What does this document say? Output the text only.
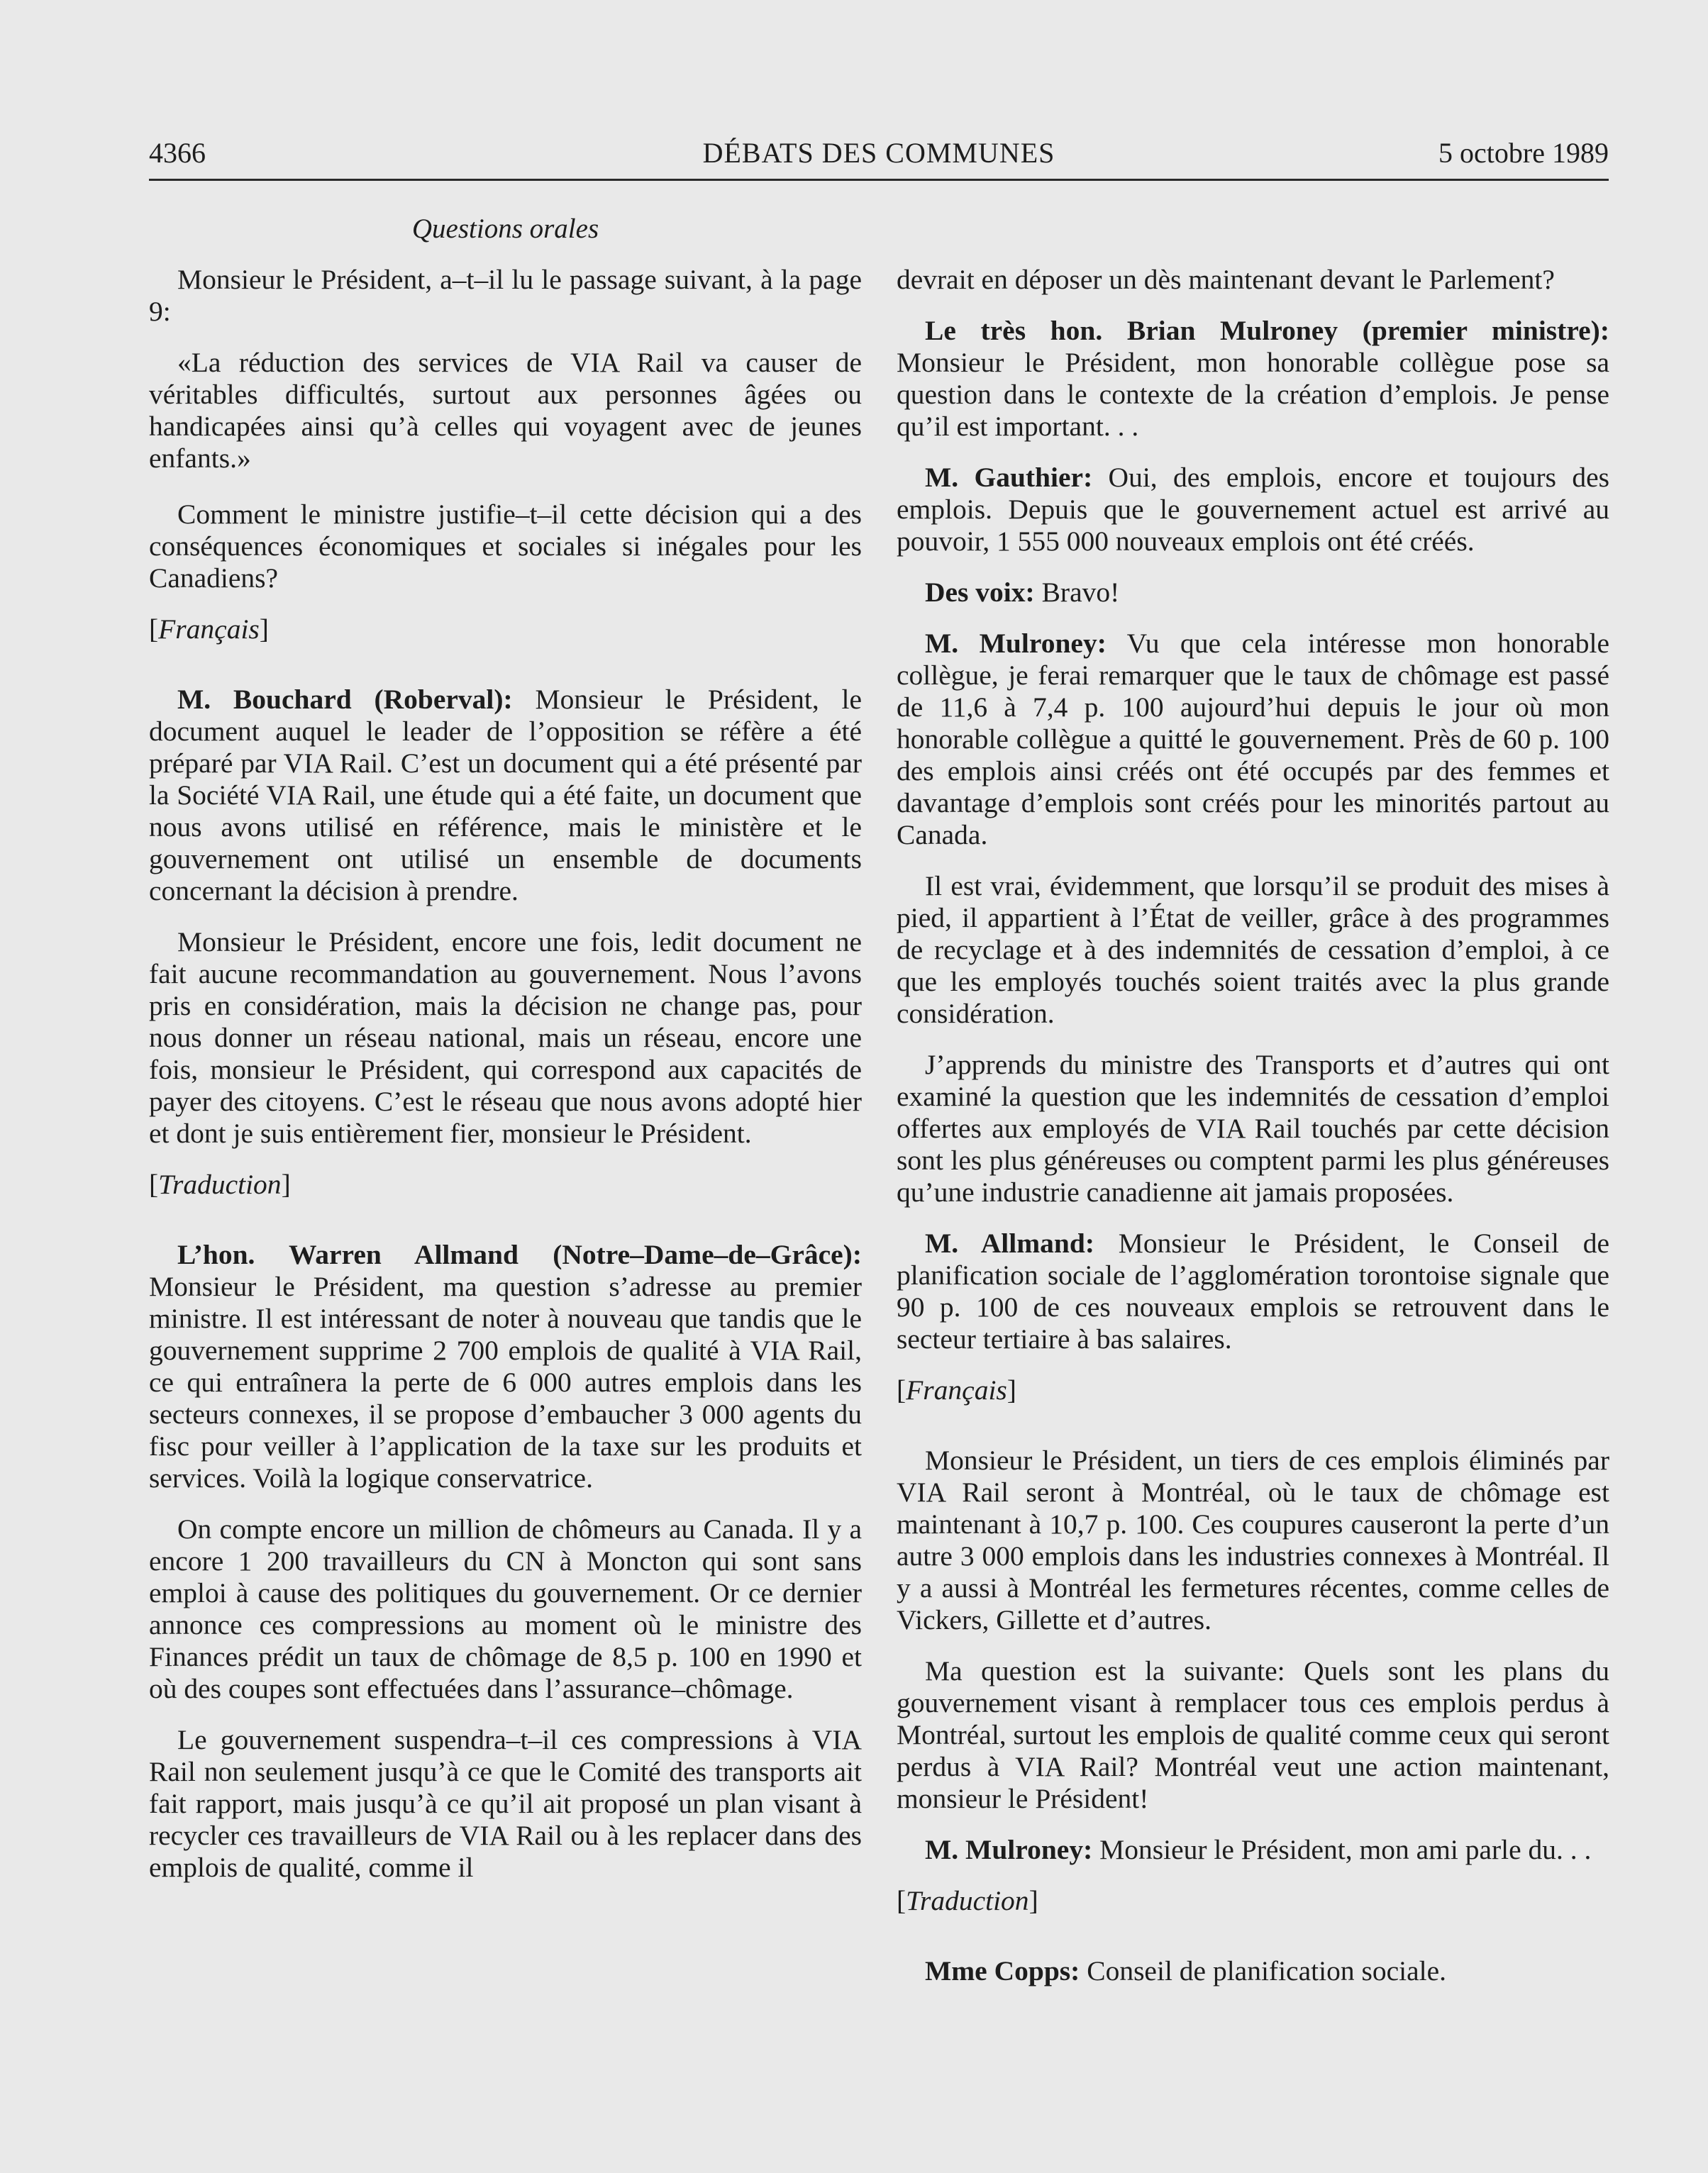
4366	DÉBATS DES COMMUNES	5 octobre 1989
Questions orales

Monsieur le Président, a–t–il lu le passage suivant, à la page 9:

«La réduction des services de VIA Rail va causer de véritables difficultés, surtout aux personnes âgées ou handicapées ainsi qu’à celles qui voyagent avec de jeunes enfants.»

Comment le ministre justifie–t–il cette décision qui a des conséquences économiques et sociales si inégales pour les Canadiens?

[Français]

M. Bouchard (Roberval): Monsieur le Président, le document auquel le leader de l’opposition se réfère a été préparé par VIA Rail. C’est un document qui a été présenté par la Société VIA Rail, une étude qui a été faite, un document que nous avons utilisé en référence, mais le ministère et le gouvernement ont utilisé un ensemble de documents concernant la décision à prendre.

Monsieur le Président, encore une fois, ledit document ne fait aucune recommandation au gouvernement. Nous l’avons pris en considération, mais la décision ne change pas, pour nous donner un réseau national, mais un réseau, encore une fois, monsieur le Président, qui correspond aux capacités de payer des citoyens. C’est le réseau que nous avons adopté hier et dont je suis entièrement fier, monsieur le Président.

[Traduction]

L’hon. Warren Allmand (Notre–Dame–de–Grâce): Monsieur le Président, ma question s’adresse au premier ministre. Il est intéressant de noter à nouveau que tandis que le gouvernement supprime 2 700 emplois de qualité à VIA Rail, ce qui entraînera la perte de 6 000 autres emplois dans les secteurs connexes, il se propose d’embaucher 3 000 agents du fisc pour veiller à l’application de la taxe sur les produits et services. Voilà la logique conservatrice.

On compte encore un million de chômeurs au Canada. Il y a encore 1 200 travailleurs du CN à Moncton qui sont sans emploi à cause des politiques du gouvernement. Or ce dernier annonce ces compressions au moment où le ministre des Finances prédit un taux de chômage de 8,5 p. 100 en 1990 et où des coupes sont effectuées dans l’assurance–chômage.

Le gouvernement suspendra–t–il ces compressions à VIA Rail non seulement jusqu’à ce que le Comité des transports ait fait rapport, mais jusqu’à ce qu’il ait proposé un plan visant à recycler ces travailleurs de VIA Rail ou à les replacer dans des emplois de qualité, comme il

devrait en déposer un dès maintenant devant le Parlement?

Le très hon. Brian Mulroney (premier ministre): Monsieur le Président, mon honorable collègue pose sa question dans le contexte de la création d’emplois. Je pense qu’il est important. . .

M. Gauthier: Oui, des emplois, encore et toujours des emplois. Depuis que le gouvernement actuel est arrivé au pouvoir, 1 555 000 nouveaux emplois ont été créés.

Des voix: Bravo!

M. Mulroney: Vu que cela intéresse mon honorable collègue, je ferai remarquer que le taux de chômage est passé de 11,6 à 7,4 p. 100 aujourd’hui depuis le jour où mon honorable collègue a quitté le gouvernement. Près de 60 p. 100 des emplois ainsi créés ont été occupés par des femmes et davantage d’emplois sont créés pour les minorités partout au Canada.

Il est vrai, évidemment, que lorsqu’il se produit des mises à pied, il appartient à l’État de veiller, grâce à des programmes de recyclage et à des indemnités de cessation d’emploi, à ce que les employés touchés soient traités avec la plus grande considération.

J’apprends du ministre des Transports et d’autres qui ont examiné la question que les indemnités de cessation d’emploi offertes aux employés de VIA Rail touchés par cette décision sont les plus généreuses ou comptent parmi les plus généreuses qu’une industrie canadienne ait jamais proposées.

M. Allmand: Monsieur le Président, le Conseil de planification sociale de l’agglomération torontoise signale que 90 p. 100 de ces nouveaux emplois se retrouvent dans le secteur tertiaire à bas salaires.

[Français]

Monsieur le Président, un tiers de ces emplois éliminés par VIA Rail seront à Montréal, où le taux de chômage est maintenant à 10,7 p. 100. Ces coupures causeront la perte d’un autre 3 000 emplois dans les industries connexes à Montréal. Il y a aussi à Montréal les fermetures récentes, comme celles de Vickers, Gillette et d’autres.

Ma question est la suivante: Quels sont les plans du gouvernement visant à remplacer tous ces emplois perdus à Montréal, surtout les emplois de qualité comme ceux qui seront perdus à VIA Rail? Montréal veut une action maintenant, monsieur le Président!

M. Mulroney: Monsieur le Président, mon ami parle du. . .

[Traduction]

Mme Copps: Conseil de planification sociale.
